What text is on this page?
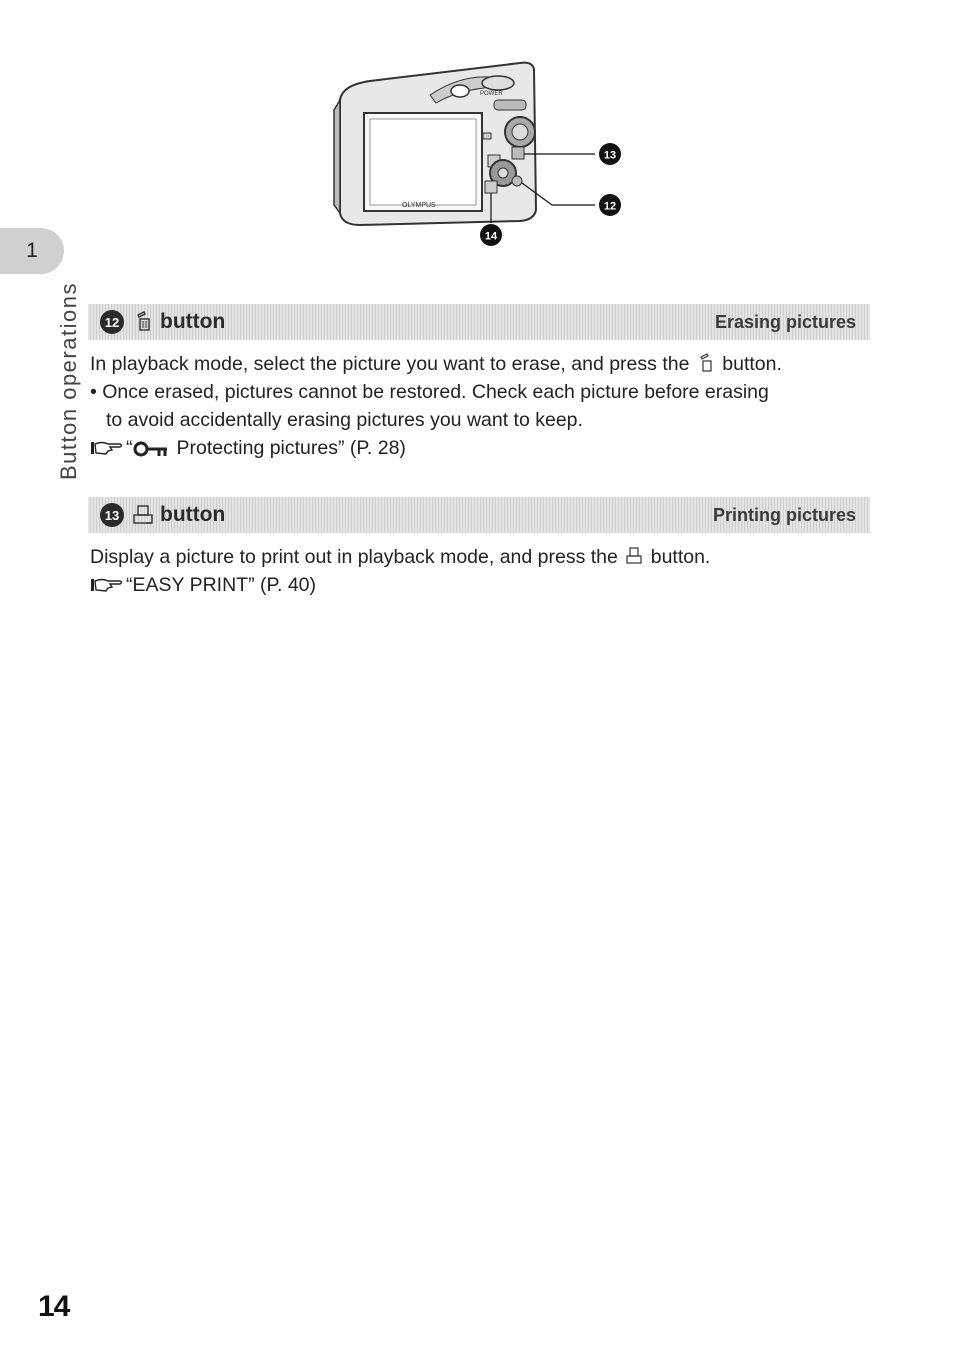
POWER
OLYMPUS
13
12
14
1
Button operations	12 button	Erasing pictures
In playback mode, select the picture you want to erase, and press the button.
• Once erased, pictures cannot be restored. Check each picture before erasing
to avoid accidentally erasing pictures you want to keep.
“ Protecting pictures” (P. 28)
13 button	Printing pictures
Display a picture to print out in playback mode, and press the button.
“EASY PRINT” (P. 40)
14
